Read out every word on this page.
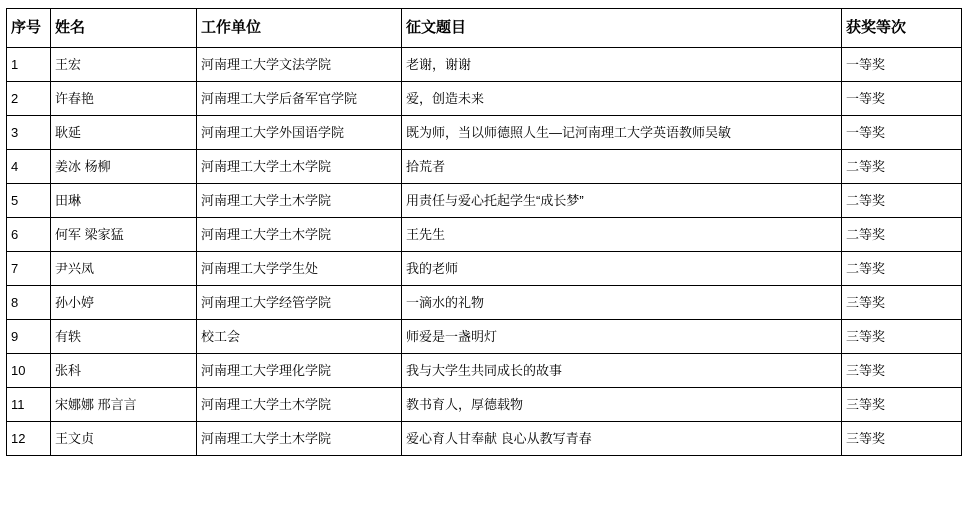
序号	姓名	工作单位	征文题目	获奖等次
1	王宏	河南理工大学文法学院	老谢，谢谢	一等奖
2	许春艳	河南理工大学后备军官学院	爱，创造未来	一等奖
3	耿延	河南理工大学外国语学院	既为师，当以师德照人生—记河南理工大学英语教师吴敏	一等奖
4	姜冰 杨柳	河南理工大学土木学院	拾荒者	二等奖
5	田琳	河南理工大学土木学院	用责任与爱心托起学生“成长梦”	二等奖
6	何军 梁家猛	河南理工大学土木学院	王先生	二等奖
7	尹兴凤	河南理工大学学生处	我的老师	二等奖
8	孙小婷	河南理工大学经管学院	一滴水的礼物	三等奖
9	有轶	校工会	师爱是一盏明灯	三等奖
10	张科	河南理工大学理化学院	我与大学生共同成长的故事	三等奖
11	宋娜娜 邢言言	河南理工大学土木学院	教书育人，厚德载物	三等奖
12	王文贞	河南理工大学土木学院	爱心育人甘奉献 良心从教写青春	三等奖
